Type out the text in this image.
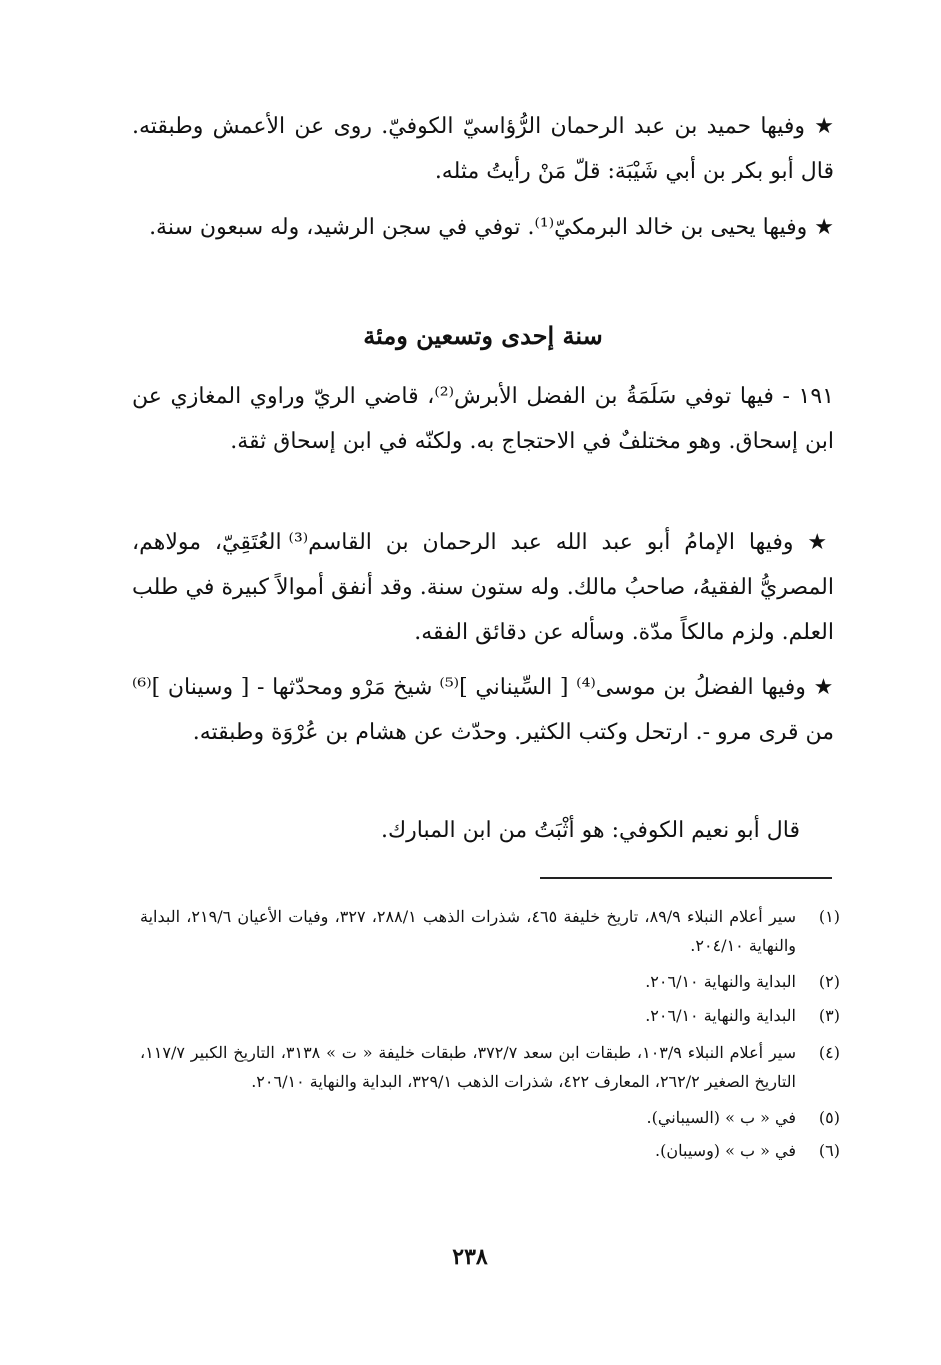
★ وفيها حميد بن عبد الرحمان الرُّؤاسيّ الكوفيّ. روى عن الأعمش وطبقته. قال أبو بكر بن أبي شَيْبَة: قلّ مَنْ رأيتُ مثله.

★ وفيها يحيى بن خالد البرمكيّ⁽¹⁾. توفي في سجن الرشيد، وله سبعون سنة.

سنة إحدى وتسعين ومئة

١٩١ - فيها توفي سَلَمَةُ بن الفضل الأبرش⁽²⁾، قاضي الريّ وراوي المغازي عن ابن إسحاق. وهو مختلفٌ في الاحتجاج به. ولكنّه في ابن إسحاق ثقة.

★ وفيها الإمامُ أبو عبد الله عبد الرحمان بن القاسم⁽³⁾ العُتَقِيّ، مولاهم، المصريُّ الفقيهُ، صاحبُ مالك. وله ستون سنة. وقد أنفق أموالاً كبيرة في طلب العلم. ولزم مالكاً مدّة. وسأله عن دقائق الفقه.

★ وفيها الفضلُ بن موسى⁽⁴⁾ [ السِّيناني ]⁽⁵⁾ شيخ مَرْو ومحدّثها - [ وسينان ]⁽⁶⁾ من قرى مرو -. ارتحل وكتب الكثير. وحدّث عن هشام بن عُرْوَة وطبقته.

قال أبو نعيم الكوفي: هو أثْبَتُ من ابن المبارك.

(١)
سير أعلام النبلاء ٨٩/٩، تاريخ خليفة ٤٦٥، شذرات الذهب ٢٨٨/١، ٣٢٧، وفيات الأعيان ٢١٩/٦، البداية والنهاية ٢٠٤/١٠.
(٢)
البداية والنهاية ٢٠٦/١٠.
(٣)
البداية والنهاية ٢٠٦/١٠.
(٤)
سير أعلام النبلاء ١٠٣/٩، طبقات ابن سعد ٣٧٢/٧، طبقات خليفة « ت » ٣١٣٨، التاريخ الكبير ١١٧/٧، التاريخ الصغير ٢٦٢/٢، المعارف ٤٢٢، شذرات الذهب ٣٢٩/١، البداية والنهاية ٢٠٦/١٠.
(٥)
في « ب » (السيباني).
(٦)
في « ب » (وسيبان).
٢٣٨
